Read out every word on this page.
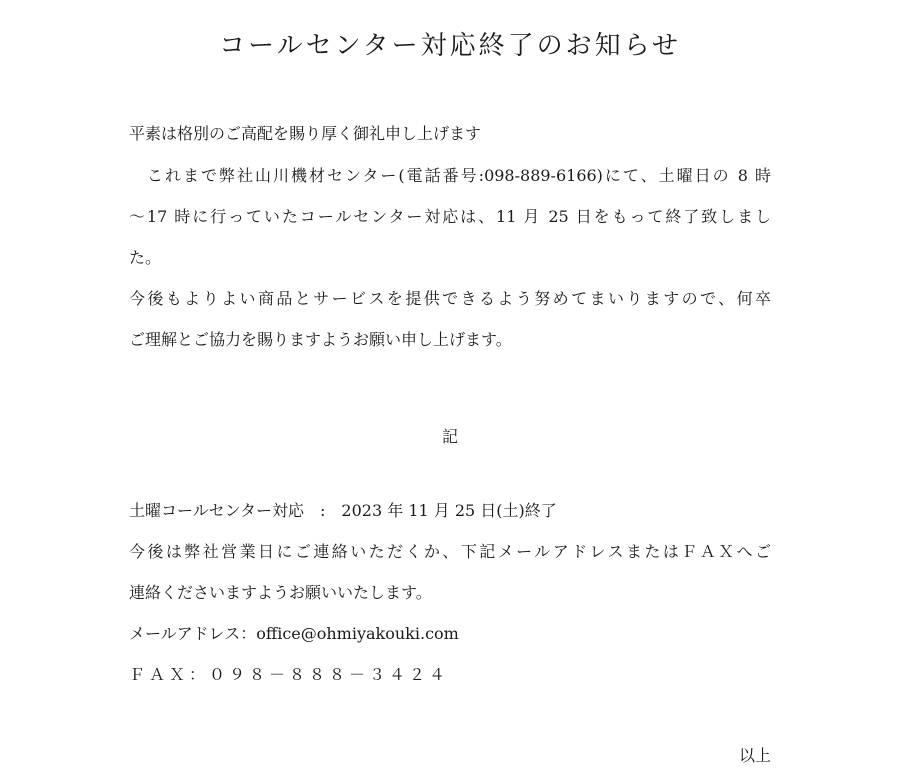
コールセンター対応終了のお知らせ
平素は格別のご高配を賜り厚く御礼申し上げます
　これまで弊社山川機材センター(電話番号:098-889-6166)にて、土曜日の 8 時
～17 時に行っていたコールセンター対応は、11 月 25 日をもって終了致しまし
た。
今後もよりよい商品とサービスを提供できるよう努めてまいりますので、何卒
ご理解とご協力を賜りますようお願い申し上げます。
記
土曜コールセンター対応　:　2023 年 11 月 25 日(土)終了
今後は弊社営業日にご連絡いただくか、下記メールアドレスまたはＦＡＸへご
連絡くださいますようお願いいたします。
メールアドレス：office@ohmiyakouki.com
ＦＡＸ：０９８－８８８－３４２４
以上
